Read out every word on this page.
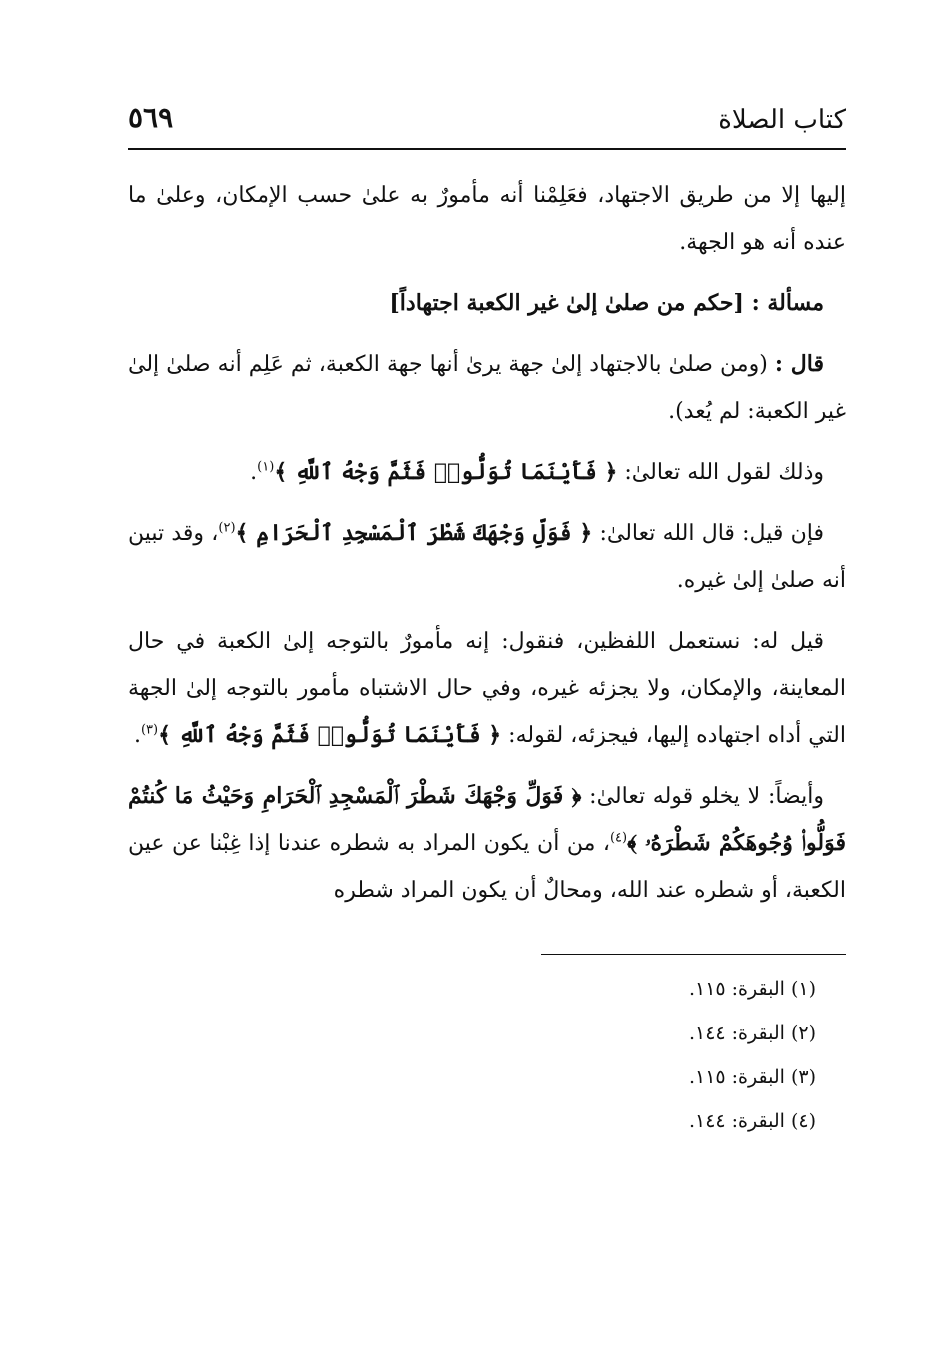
كتاب الصلاة
٥٦٩

إليها إلا من طريق الاجتهاد، فعَلِمْنا أنه مأمورٌ به علىٰ حسب الإمكان، وعلىٰ ما عنده أنه هو الجهة.

مسألة : [حكم من صلىٰ إلىٰ غير الكعبة اجتهاداً]

قال : (ومن صلىٰ بالاجتهاد إلىٰ جهة يرىٰ أنها جهة الكعبة، ثم عَلِم أنه صلىٰ إلىٰ غير الكعبة: لم يُعد).

وذلك لقول الله تعالىٰ: ﴿ فَأَيْنَمَا تُوَلُّوا۟ فَثَمَّ وَجْهُ ٱللَّهِ ﴾$^{(١)}$.

فإن قيل: قال الله تعالىٰ: ﴿ فَوَلِّ وَجْهَكَ شَطْرَ ٱلْمَسْجِدِ ٱلْحَرَامِ ﴾$^{(٢)}$، وقد تبين أنه صلىٰ إلىٰ غيره.

قيل له: نستعمل اللفظين، فنقول: إنه مأمورٌ بالتوجه إلىٰ الكعبة في حال المعاينة، والإمكان، ولا يجزئه غيره، وفي حال الاشتباه مأمور بالتوجه إلىٰ الجهة التي أداه اجتهاده إليها، فيجزئه، لقوله: ﴿ فَأَيْنَمَا تُوَلُّوا۟ فَثَمَّ وَجْهُ ٱللَّهِ ﴾$^{(٣)}$.

وأيضاً: لا يخلو قوله تعالىٰ: ﴿ فَوَلِّ وَجْهَكَ شَطْرَ ٱلْمَسْجِدِ ٱلْحَرَامِ وَحَيْثُ مَا كُنتُمْ فَوَلُّوا۟ وُجُوهَكُمْ شَطْرَهُۥ ﴾$^{(٤)}$، من أن يكون المراد به شطره عندنا إذا غِبْنا عن عين الكعبة، أو شطره عند الله، ومحالٌ أن يكون المراد شطره

(١) البقرة: ١١٥.
(٢) البقرة: ١٤٤.
(٣) البقرة: ١١٥.
(٤) البقرة: ١٤٤.
